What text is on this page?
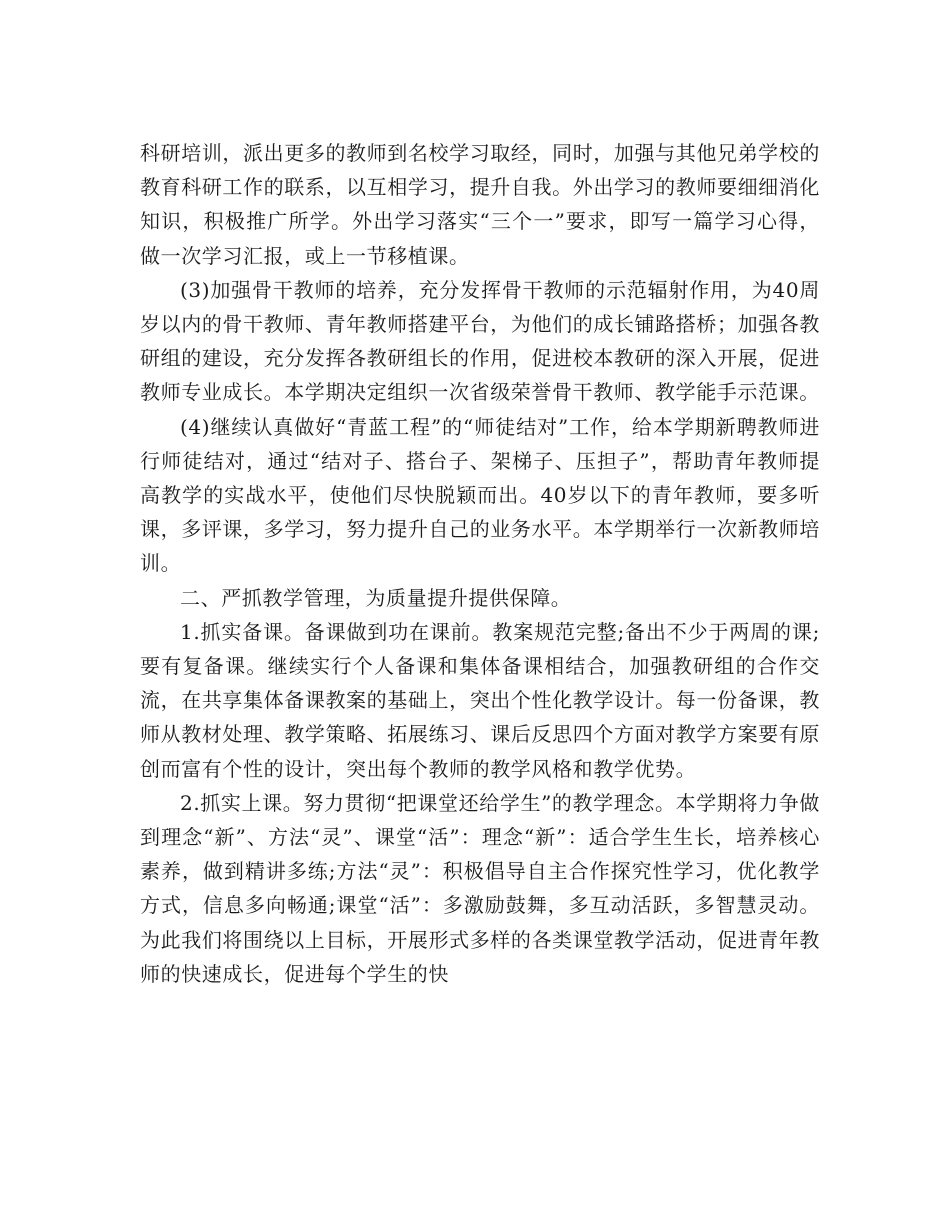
科研培训，派出更多的教师到名校学习取经，同时，加强与其他兄弟学校的教育科研工作的联系，以互相学习，提升自我。外出学习的教师要细细消化知识，积极推广所学。外出学习落实“三个一”要求，即写一篇学习心得，做一次学习汇报，或上一节移植课。

(3)加强骨干教师的培养，充分发挥骨干教师的示范辐射作用，为40周岁以内的骨干教师、青年教师搭建平台，为他们的成长铺路搭桥；加强各教研组的建设，充分发挥各教研组长的作用，促进校本教研的深入开展，促进教师专业成长。本学期决定组织一次省级荣誉骨干教师、教学能手示范课。

(4)继续认真做好“青蓝工程”的“师徒结对”工作，给本学期新聘教师进行师徒结对，通过“结对子、搭台子、架梯子、压担子”，帮助青年教师提高教学的实战水平，使他们尽快脱颖而出。40岁以下的青年教师，要多听课，多评课，多学习，努力提升自己的业务水平。本学期举行一次新教师培训。

二、严抓教学管理，为质量提升提供保障。

1.抓实备课。备课做到功在课前。教案规范完整;备出不少于两周的课;要有复备课。继续实行个人备课和集体备课相结合，加强教研组的合作交流，在共享集体备课教案的基础上，突出个性化教学设计。每一份备课，教师从教材处理、教学策略、拓展练习、课后反思四个方面对教学方案要有原创而富有个性的设计，突出每个教师的教学风格和教学优势。

2.抓实上课。努力贯彻“把课堂还给学生”的教学理念。本学期将力争做到理念“新”、方法“灵”、课堂“活”：理念“新”：适合学生生长，培养核心素养，做到精讲多练;方法“灵”：积极倡导自主合作探究性学习，优化教学方式，信息多向畅通;课堂“活”：多激励鼓舞，多互动活跃，多智慧灵动。为此我们将围绕以上目标，开展形式多样的各类课堂教学活动，促进青年教师的快速成长，促进每个学生的快
